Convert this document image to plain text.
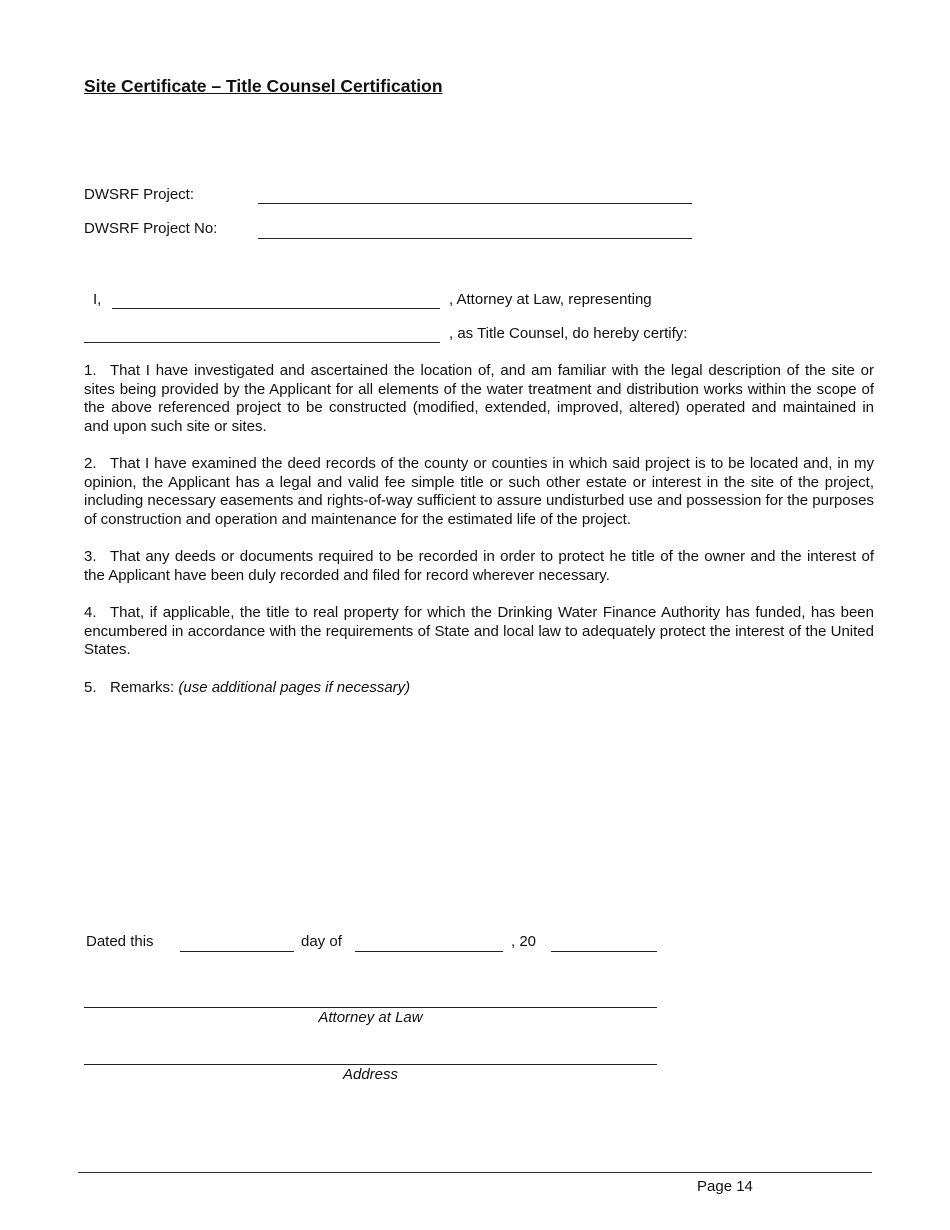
Site Certificate – Title Counsel Certification
DWSRF Project:
DWSRF Project No:
I,	, Attorney at Law, representing
, as Title Counsel, do hereby certify:

1. That I have investigated and ascertained the location of, and am familiar with the legal description of the site or sites being provided by the Applicant for all elements of the water treatment and distribution works within the scope of the above referenced project to be constructed (modified, extended, improved, altered) operated and maintained in and upon such site or sites.

2. That I have examined the deed records of the county or counties in which said project is to be located and, in my opinion, the Applicant has a legal and valid fee simple title or such other estate or interest in the site of the project, including necessary easements and rights-of-way sufficient to assure undisturbed use and possession for the purposes of construction and operation and maintenance for the estimated life of the project.

3. That any deeds or documents required to be recorded in order to protect he title of the owner and the interest of the Applicant have been duly recorded and filed for record wherever necessary.

4. That, if applicable, the title to real property for which the Drinking Water Finance Authority has funded, has been encumbered in accordance with the requirements of State and local law to adequately protect the interest of the United States.

5. Remarks: (use additional pages if necessary)

Dated this	day of	, 20
Attorney at Law
Address
Page 14
